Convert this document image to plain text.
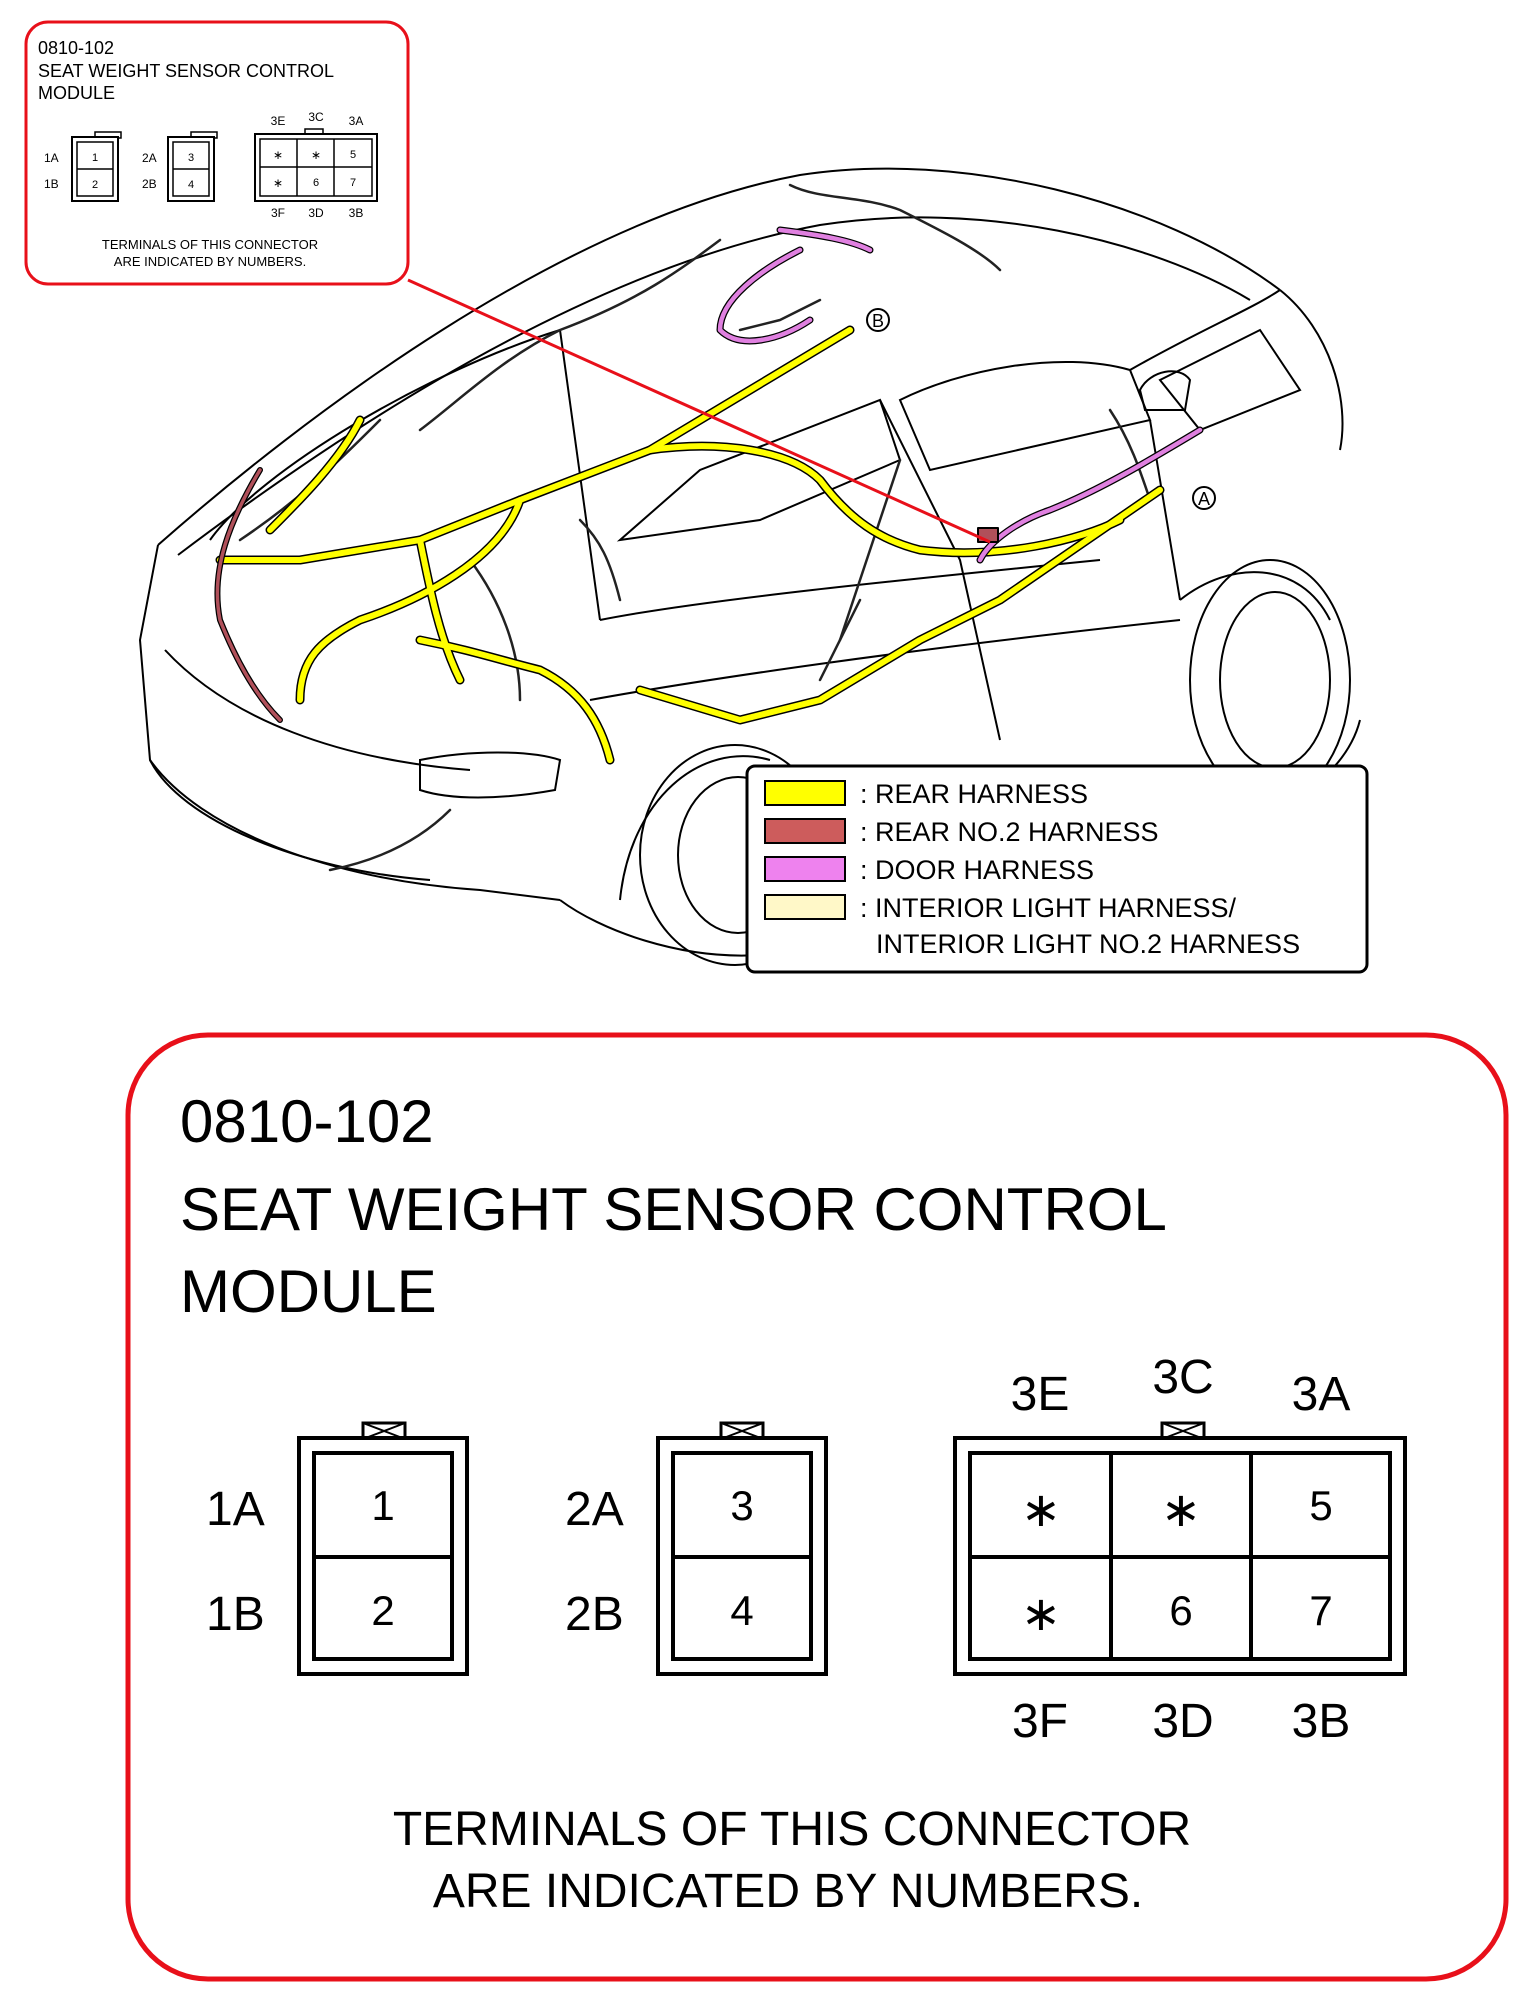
B
A
0810-102
SEAT WEIGHT SENSOR CONTROL
MODULE
1A
1B
1
2
2A
2B
3
4
3E 3C 3A
3F 3D 3B
∗ ∗	5
∗	6	7
TERMINALS OF THIS CONNECTOR
ARE INDICATED BY NUMBERS.
: REAR HARNESS
: REAR NO.2 HARNESS
: DOOR HARNESS
: INTERIOR LIGHT HARNESS/
INTERIOR LIGHT NO.2 HARNESS
0810-102
SEAT WEIGHT SENSOR CONTROL
MODULE
1A
1B
1
2
2A
2B
3
4
3E 3C 3A
3F 3D 3B
∗ ∗	5
∗	6	7
TERMINALS OF THIS CONNECTOR
ARE INDICATED BY NUMBERS.
